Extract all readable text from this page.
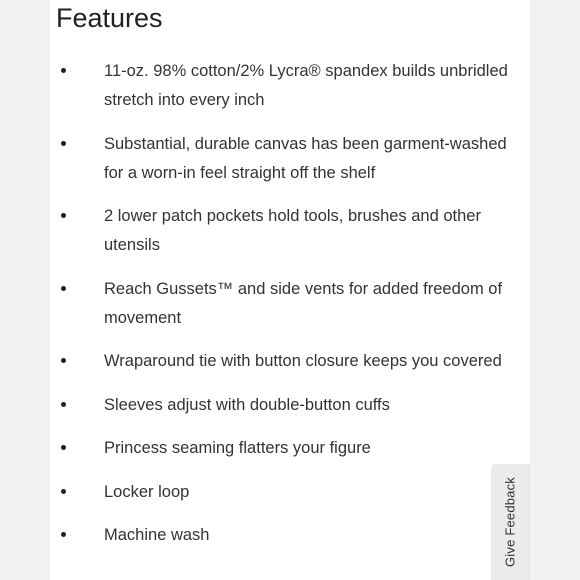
Features
11-oz. 98% cotton/2% Lycra® spandex builds unbridled stretch into every inch
Substantial, durable canvas has been garment-washed for a worn-in feel straight off the shelf
2 lower patch pockets hold tools, brushes and other utensils
Reach Gussets™ and side vents for added freedom of movement
Wraparound tie with button closure keeps you covered
Sleeves adjust with double-button cuffs
Princess seaming flatters your figure
Locker loop
Machine wash	Give Feedback
